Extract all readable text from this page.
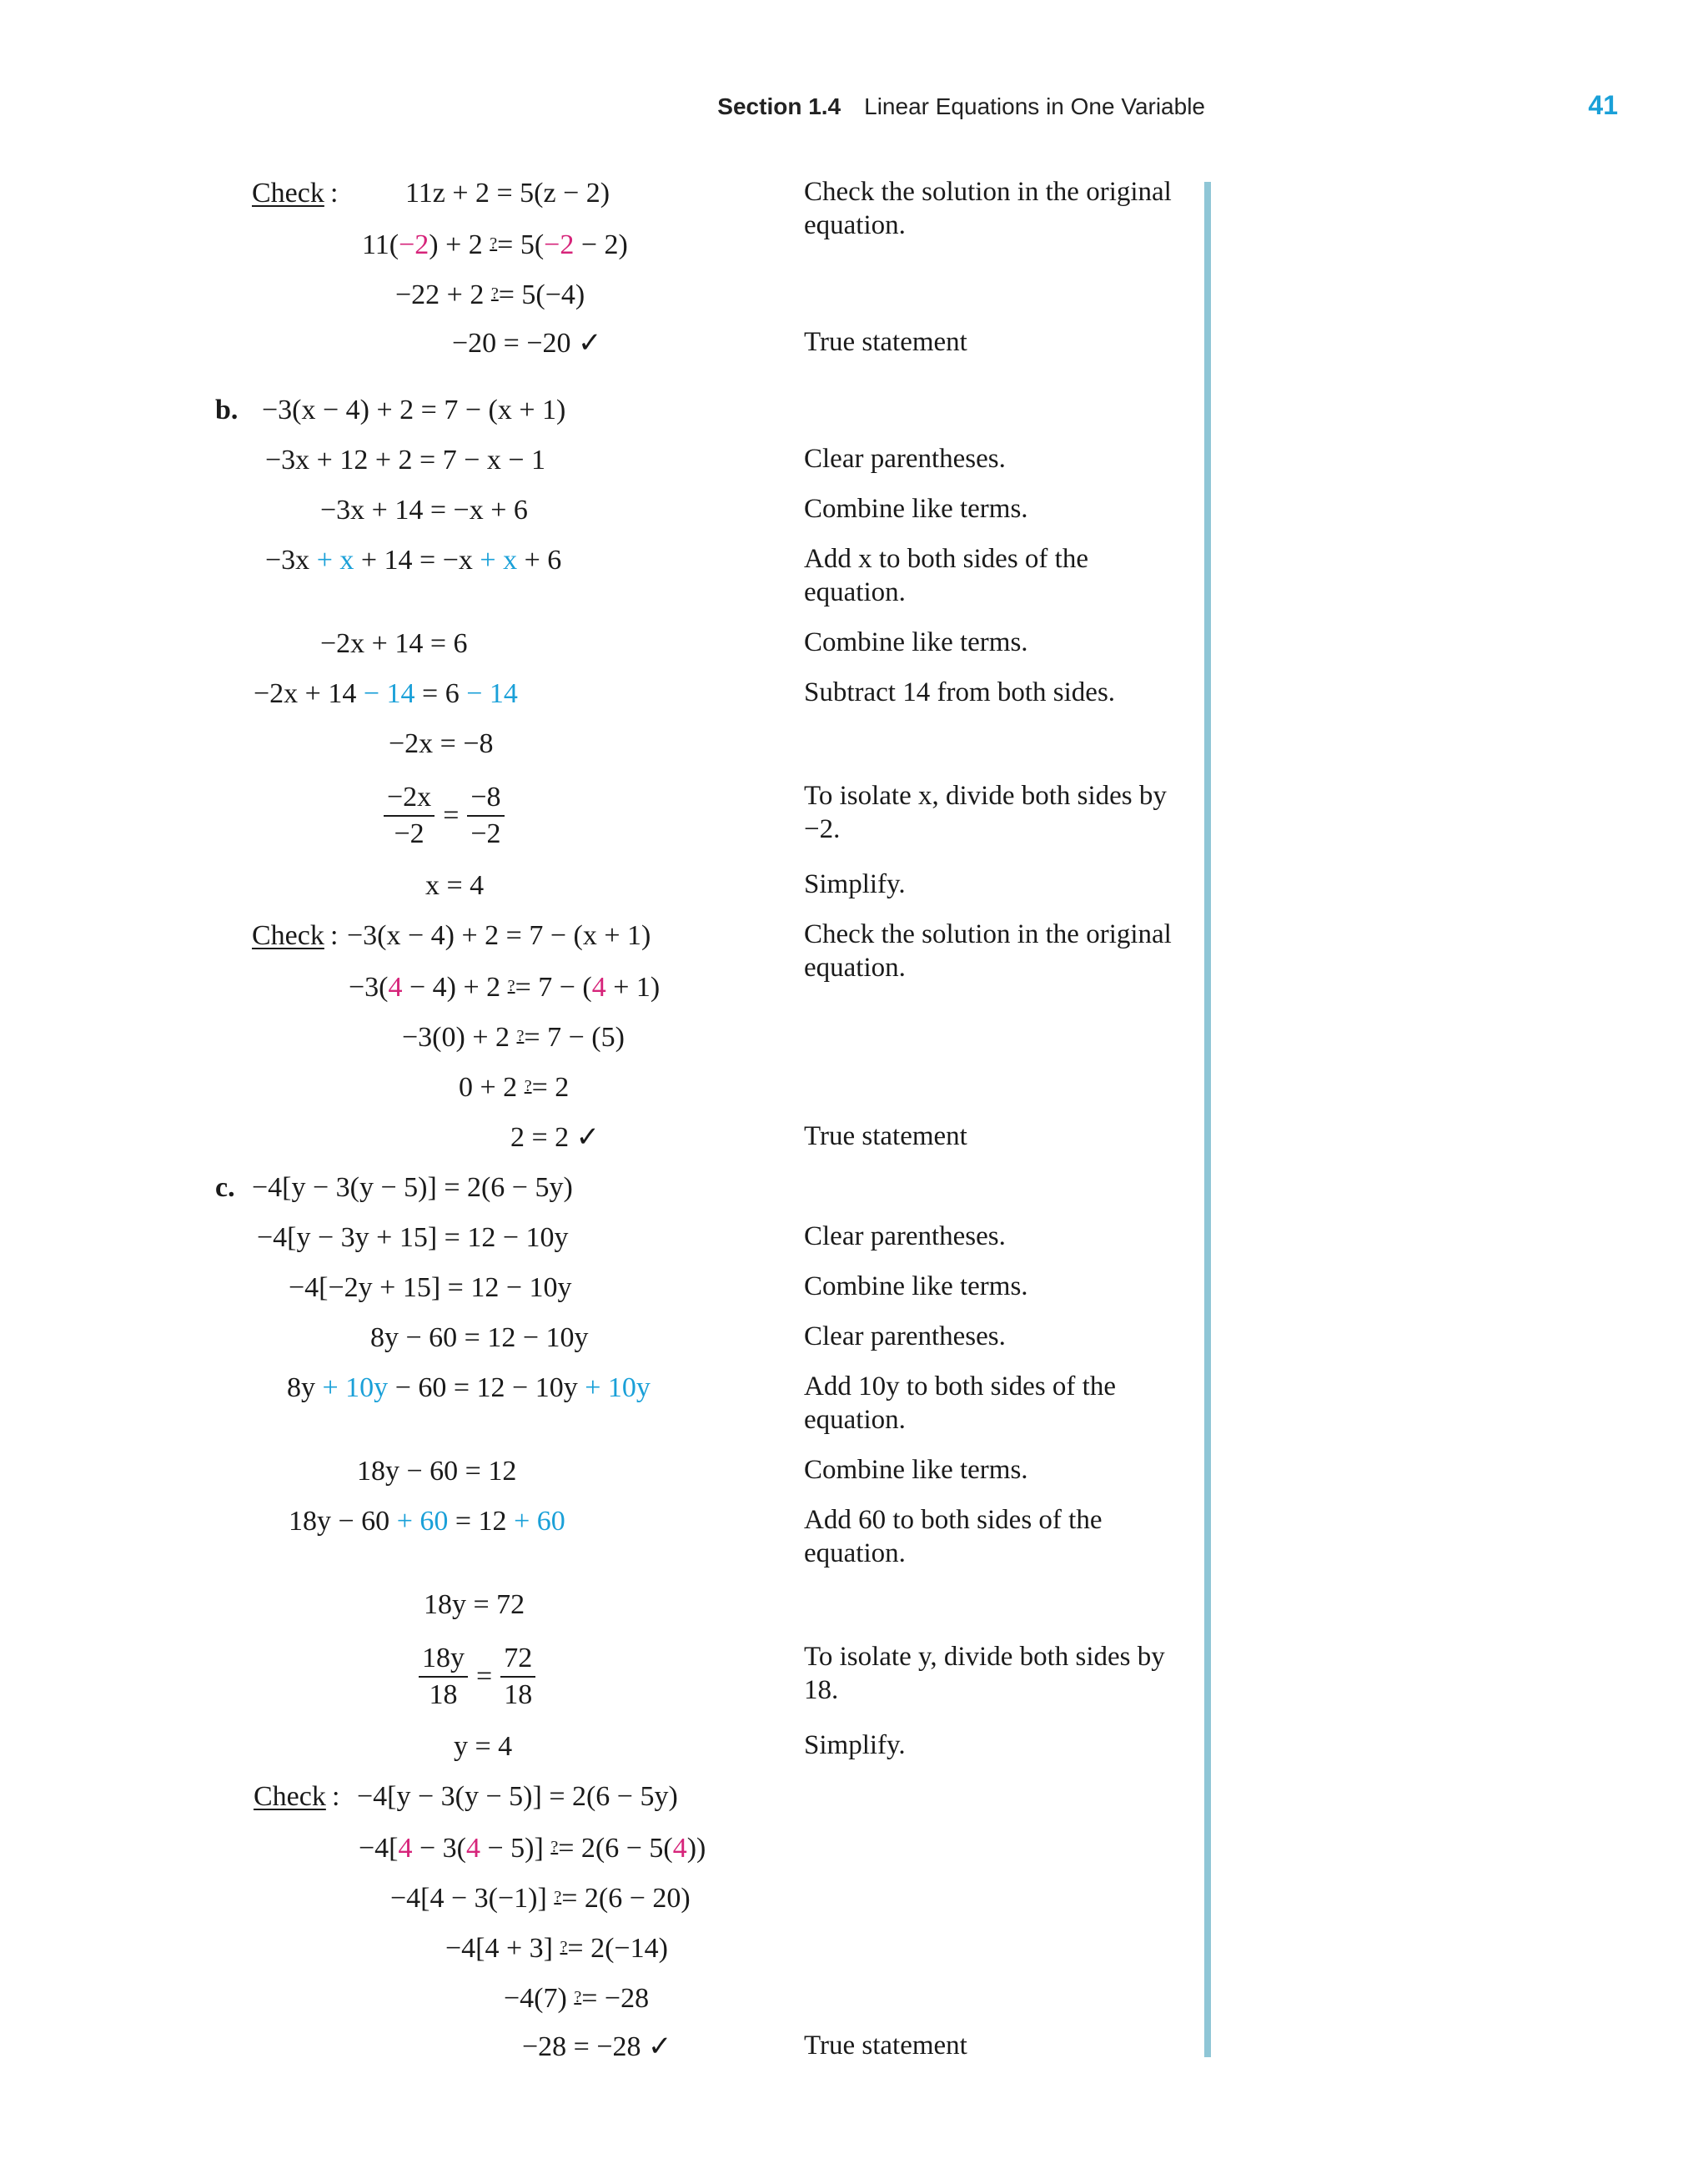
Section 1.4 Linear Equations in One Variable	41
Check : 11z + 2 = 5(z − 2)	Check the solution in the original equation.
11(−2) + 2 ?= 5(−2 − 2)
−22 + 2 ?= 5(−4)
−20 = −20 ✓	True statement
b. −3(x − 4) + 2 = 7 − (x + 1)
−3x + 12 + 2 = 7 − x − 1	Clear parentheses.
−3x + 14 = −x + 6	Combine like terms.
−3x + x + 14 = −x + x + 6	Add x to both sides of the equation.
−2x + 14 = 6	Combine like terms.
−2x + 14 − 14 = 6 − 14	Subtract 14 from both sides.
−2x = −8
$\frac{-2x}{-2} = \frac{-8}{-2}$	To isolate x, divide both sides by −2.
x = 4	Simplify.
Check : −3(x − 4) + 2 = 7 − (x + 1)	Check the solution in the original equation.
−3(4 − 4) + 2 ?= 7 − (4 + 1)
−3(0) + 2 ?= 7 − (5)
0 + 2 ?= 2
2 = 2 ✓	True statement
c. −4[y − 3(y − 5)] = 2(6 − 5y)
−4[y − 3y + 15] = 12 − 10y	Clear parentheses.
−4[−2y + 15] = 12 − 10y	Combine like terms.
8y − 60 = 12 − 10y	Clear parentheses.
8y + 10y − 60 = 12 − 10y + 10y	Add 10y to both sides of the equation.
18y − 60 = 12	Combine like terms.
18y − 60 + 60 = 12 + 60	Add 60 to both sides of the equation.
18y = 72
$\frac{18y}{18} = \frac{72}{18}$	To isolate y, divide both sides by 18.
y = 4	Simplify.
Check : −4[y − 3(y − 5)] = 2(6 − 5y)
−4[4 − 3(4 − 5)] ?= 2(6 − 5(4))
−4[4 − 3(−1)] ?= 2(6 − 20)
−4[4 + 3] ?= 2(−14)
−4(7) ?= −28
−28 = −28 ✓	True statement
